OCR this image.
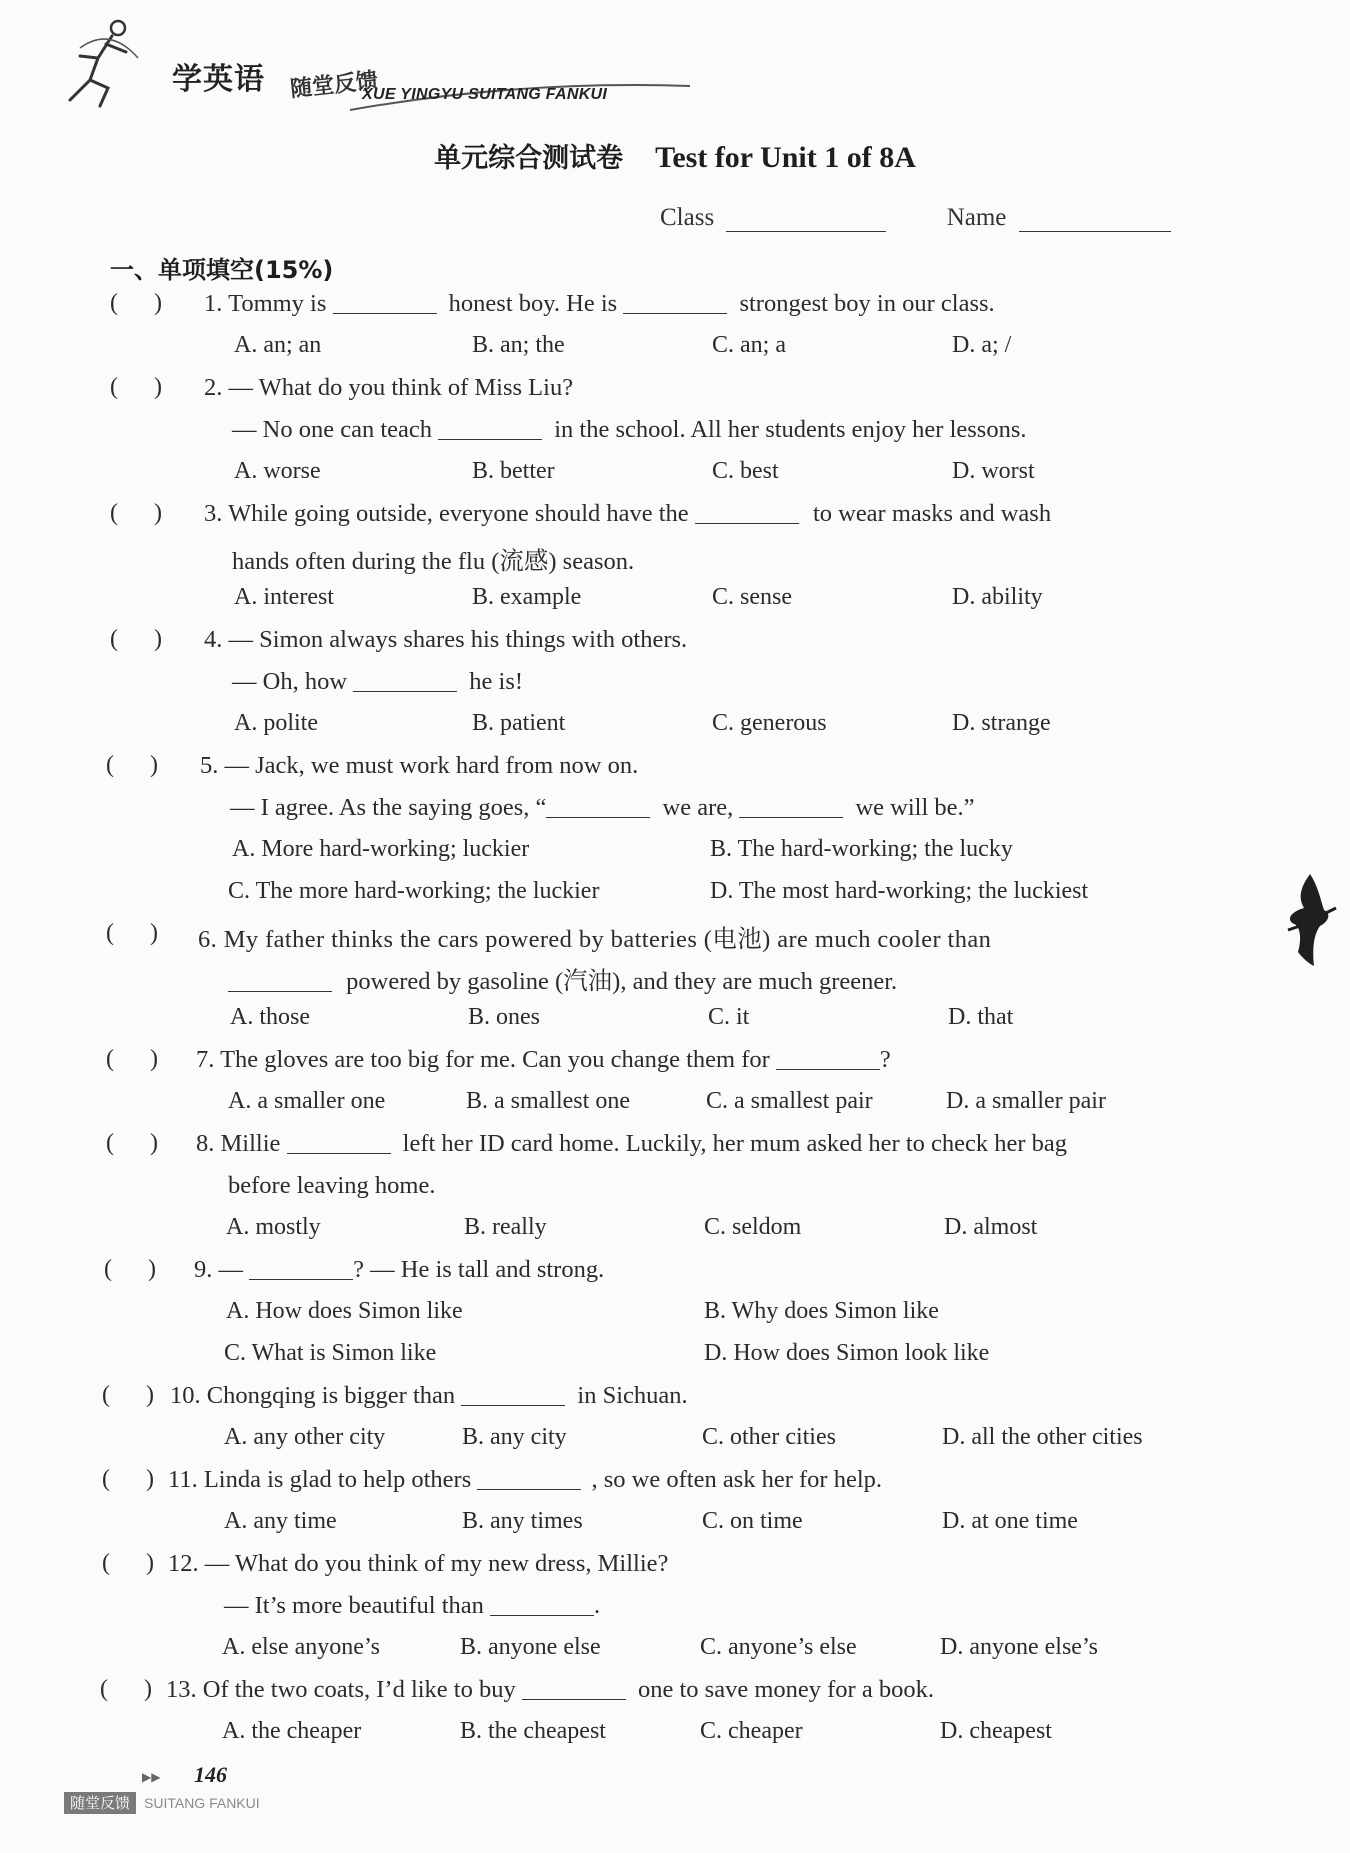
学英语 随堂反馈
XUE YINGYU SUITANG FANKUI
单元综合测试卷 Test for Unit 1 of 8A
Class	Name
一、单项填空(15%)
(      ) 1. Tommy is	honest boy. He is	strongest boy in our class.
A. an; an	B. an; the	C. an; a	D. a; /
(      ) 2. — What do you think of Miss Liu?
— No one can teach	in the school. All her students enjoy her lessons.
A. worse	B. better	C. best	D. worst
(      ) 3. While going outside, everyone should have the	to wear masks and wash
hands often during the flu (流感) season.
A. interest	B. example	C. sense	D. ability
(      ) 4. — Simon always shares his things with others.
— Oh, how	he is!
A. polite	B. patient	C. generous	D. strange
(      ) 5. — Jack, we must work hard from now on.
— I agree. As the saying goes, “	we are,	we will be.”
A. More hard-working; luckier	B. The hard-working; the lucky
C. The more hard-working; the luckier	D. The most hard-working; the luckiest
(      ) 6. My father thinks the cars powered by batteries (电池) are much cooler than
powered by gasoline (汽油), and they are much greener.
A. those	B. ones	C. it	D. that
(      ) 7. The gloves are too big for me. Can you change them for	?
A. a smaller one	B. a smallest one	C. a smallest pair	D. a smaller pair
(      ) 8. Millie	left her ID card home. Luckily, her mum asked her to check her bag
before leaving home.
A. mostly	B. really	C. seldom	D. almost
(      ) 9. —	? — He is tall and strong.
A. How does Simon like	B. Why does Simon like
C. What is Simon like	D. How does Simon look like
(      ) 10. Chongqing is bigger than	in Sichuan.
A. any other city	B. any city	C. other cities	D. all the other cities
(      ) 11. Linda is glad to help others	, so we often ask her for help.
A. any time	B. any times	C. on time	D. at one time
(      ) 12. — What do you think of my new dress, Millie?
— It’s more beautiful than	.
A. else anyone’s	B. anyone else	C. anyone’s else	D. anyone else’s
(      ) 13. Of the two coats, I’d like to buy	one to save money for a book.
A. the cheaper	B. the cheapest	C. cheaper	D. cheapest
▶▶ 146
随堂反馈 SUITANG FANKUI
